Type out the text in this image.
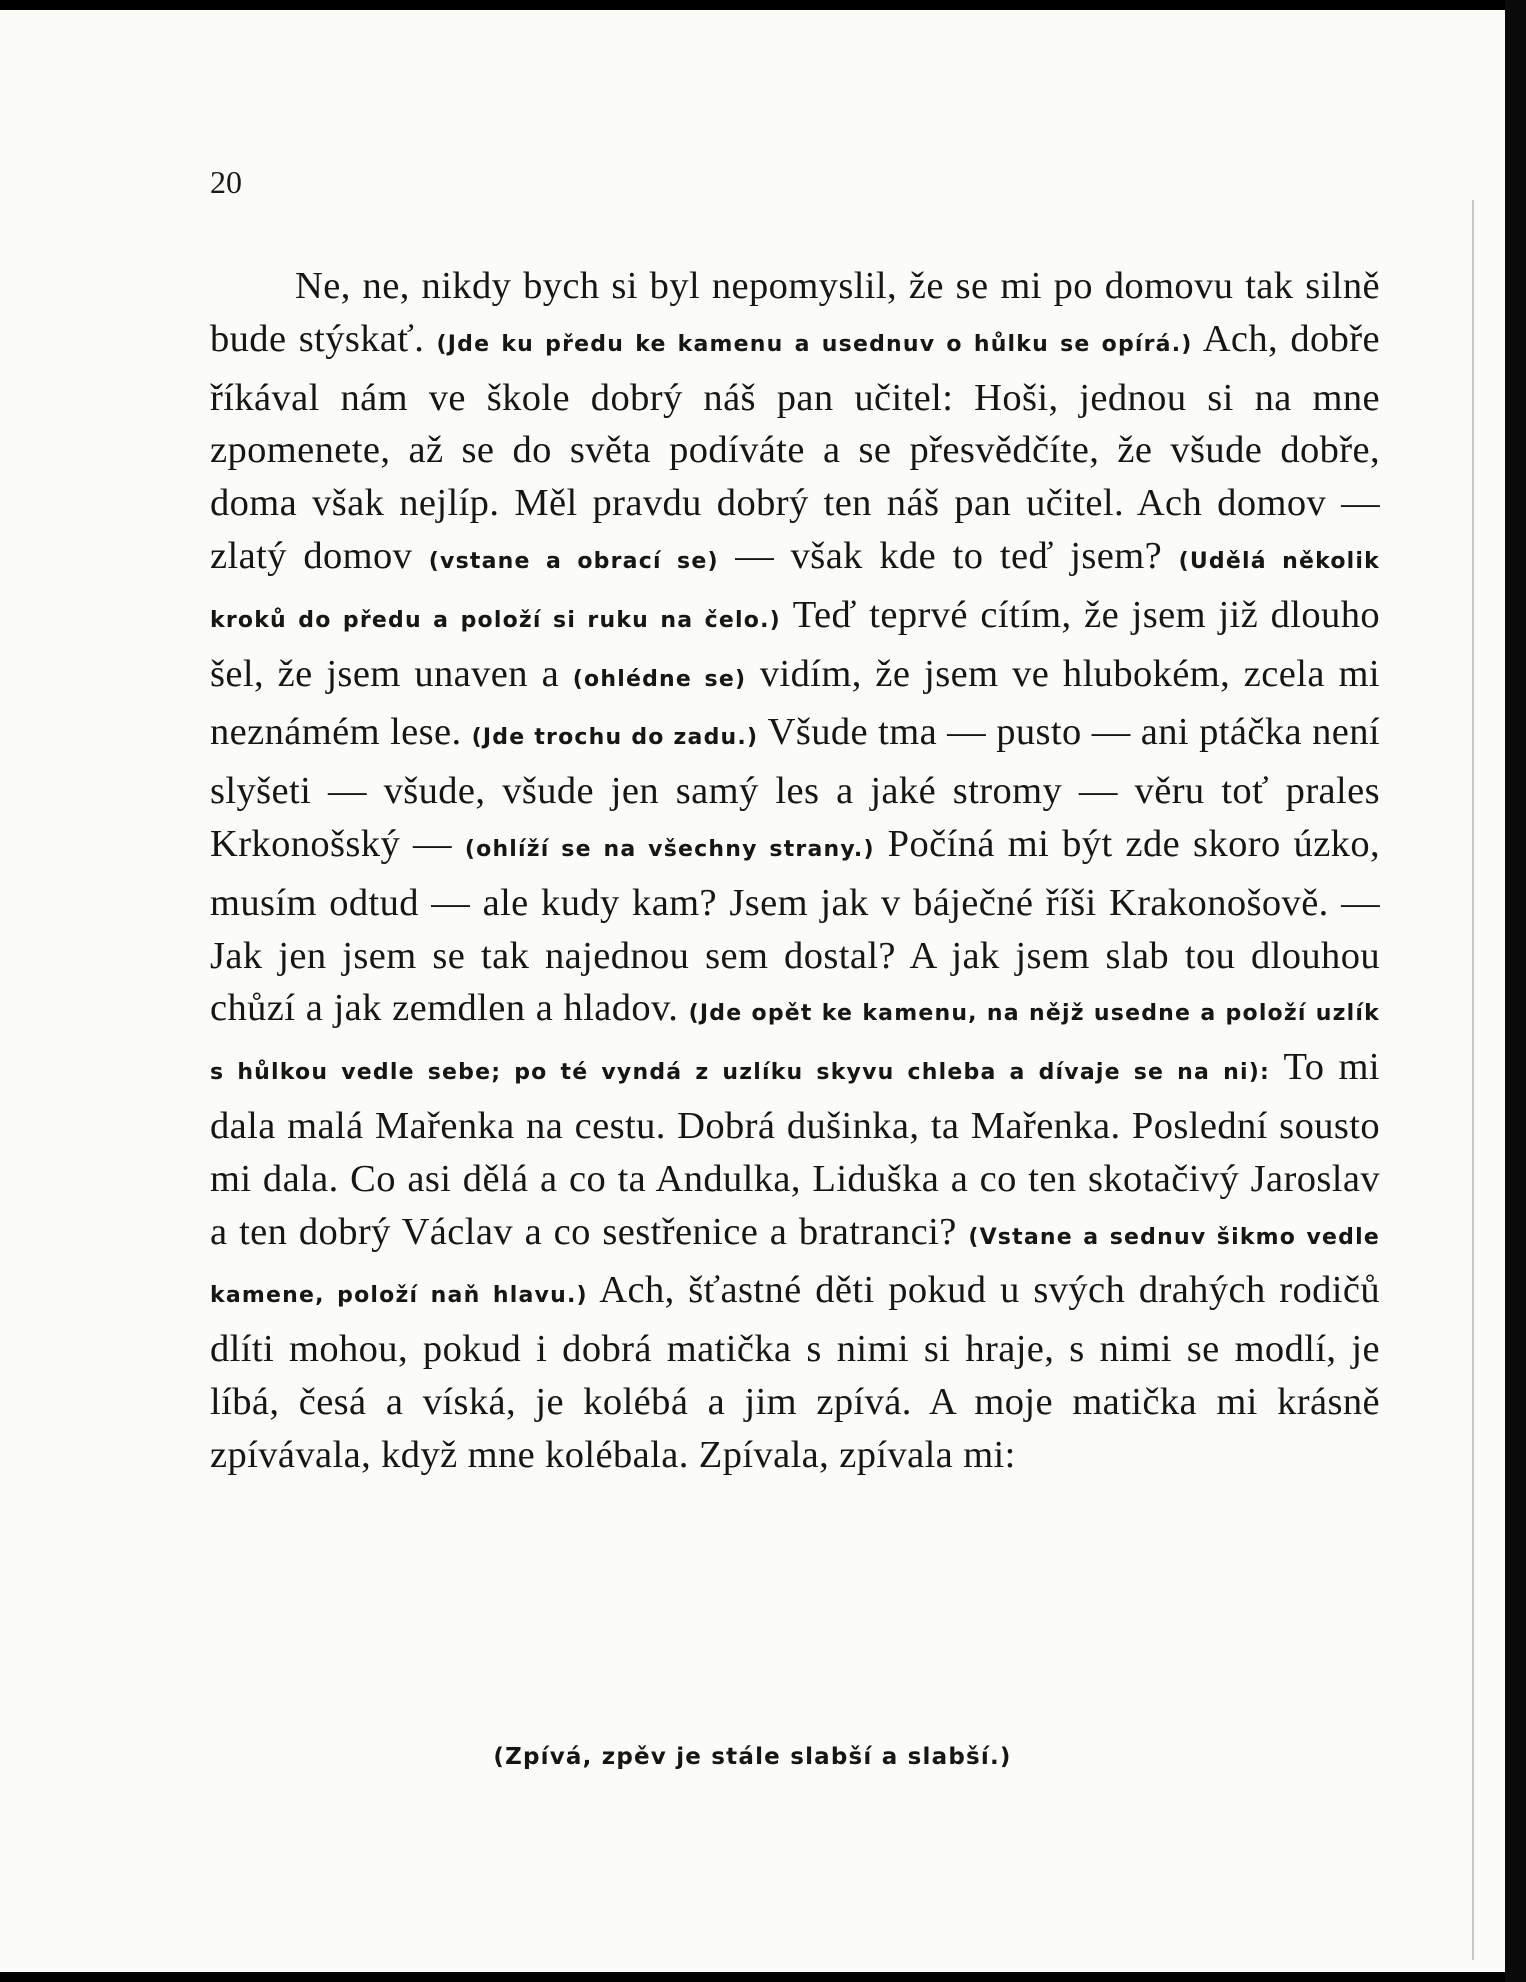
20

Ne, ne, nikdy bych si byl nepomyslil, že se mi po domovu tak silně bude stýskať. (Jde ku předu ke kamenu a usednuv o hůlku se opírá.) Ach, dobře říkával nám ve škole dobrý náš pan učitel: Hoši, jednou si na mne zpomenete, až se do světa podíváte a se přesvědčíte, že všude dobře, doma však nejlíp. Měl pravdu dobrý ten náš pan učitel. Ach domov — zlatý domov (vstane a obrací se) — však kde to teď jsem? (Udělá několik kroků do předu a položí si ruku na čelo.) Teď teprvé cítím, že jsem již dlouho šel, že jsem unaven a (ohlédne se) vidím, že jsem ve hlubokém, zcela mi neznámém lese. (Jde trochu do zadu.) Všude tma — pusto — ani ptáčka není slyšeti — všude, všude jen samý les a jaké stromy — věru toť prales Krkonošský — (ohlíží se na všechny strany.) Počíná mi být zde skoro úzko, musím odtud — ale kudy kam? Jsem jak v báječné říši Krakonošově. — Jak jen jsem se tak najednou sem dostal? A jak jsem slab tou dlouhou chůzí a jak zemdlen a hladov. (Jde opět ke kamenu, na nějž usedne a položí uzlík s hůlkou vedle sebe; po té vyndá z uzlíku skyvu chleba a dívaje se na ni): To mi dala malá Mařenka na cestu. Dobrá dušinka, ta Mařenka. Poslední sousto mi dala. Co asi dělá a co ta Andulka, Liduška a co ten skotačivý Jaroslav a ten dobrý Václav a co sestřenice a bratranci? (Vstane a sednuv šikmo vedle kamene, položí naň hlavu.) Ach, šťastné děti pokud u svých drahých rodičů dlíti mohou, pokud i dobrá matička s nimi si hraje, s nimi se modlí, je líbá, česá a víská, je kolébá a jim zpívá. A moje matička mi krásně zpívávala, když mne kolébala. Zpívala, zpívala mi:

(Zpívá, zpěv je stále slabší a slabší.)
